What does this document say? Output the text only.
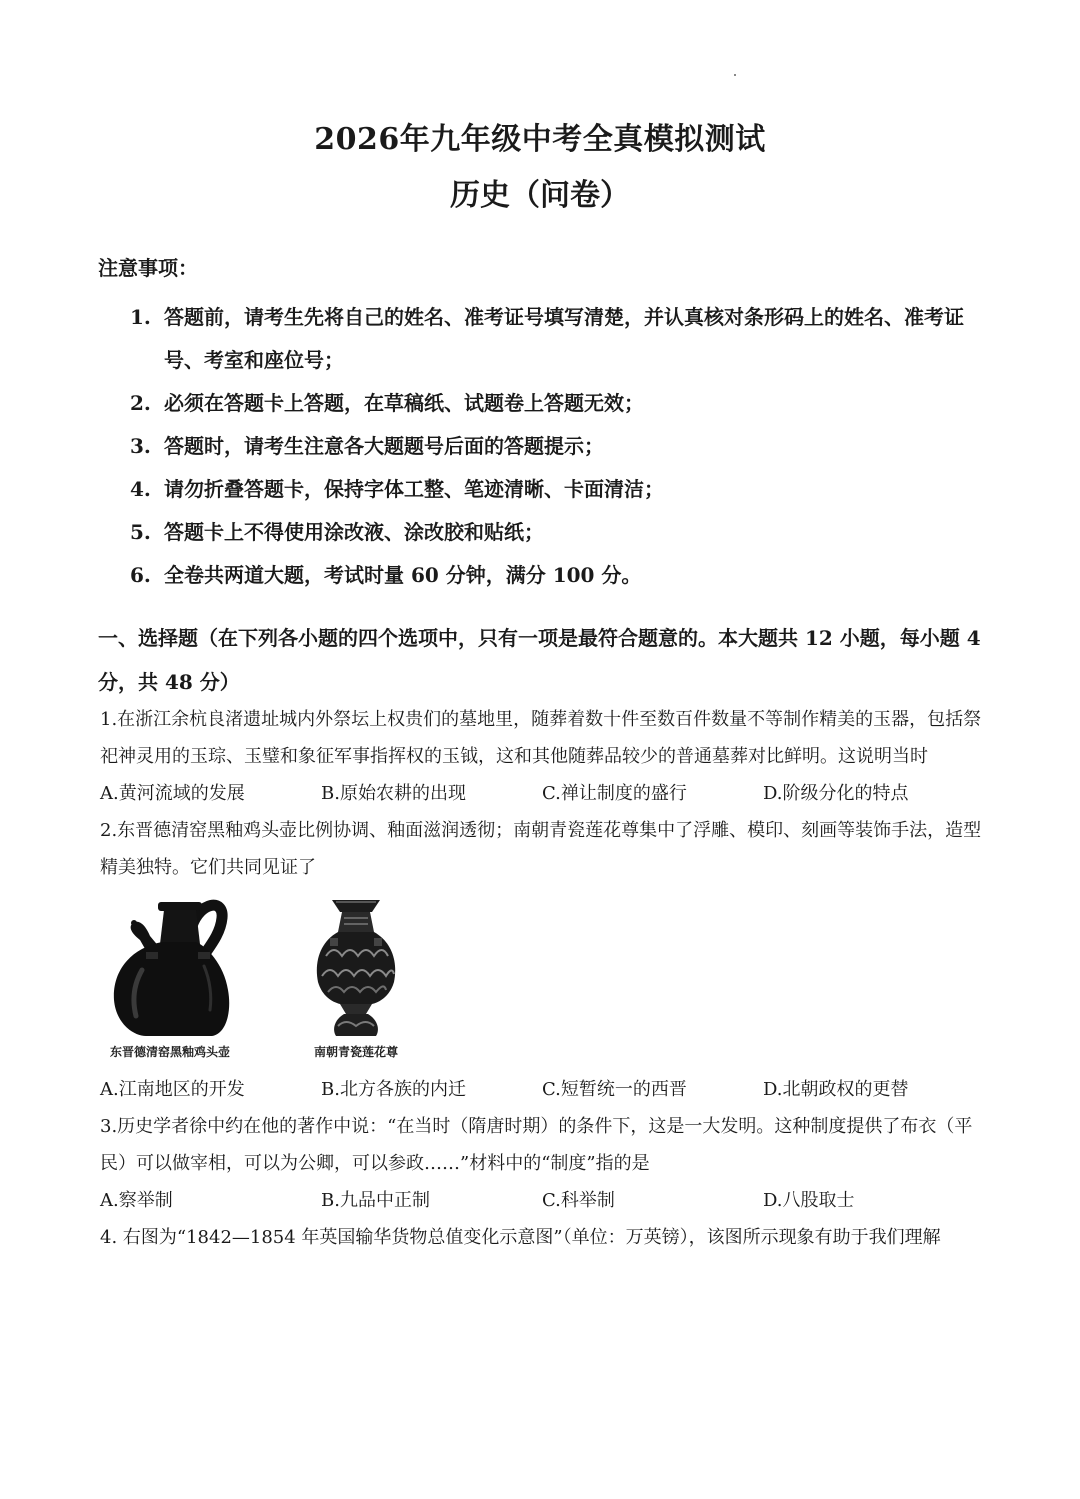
2026年九年级中考全真模拟测试
历史（问卷）
注意事项：
1. 答题前，请考生先将自己的姓名、准考证号填写清楚，并认真核对条形码上的姓名、准考证号、考室和座位号；
2. 必须在答题卡上答题，在草稿纸、试题卷上答题无效；
3. 答题时，请考生注意各大题题号后面的答题提示；
4. 请勿折叠答题卡，保持字体工整、笔迹清晰、卡面清洁；
5. 答题卡上不得使用涂改液、涂改胶和贴纸；
6. 全卷共两道大题，考试时量 60 分钟，满分 100 分。
一、选择题（在下列各小题的四个选项中，只有一项是最符合题意的。本大题共 12 小题，每小题 4 分，共 48 分）

1.在浙江余杭良渚遗址城内外祭坛上权贵们的墓地里，随葬着数十件至数百件数量不等制作精美的玉器，包括祭祀神灵用的玉琮、玉璧和象征军事指挥权的玉钺，这和其他随葬品较少的普通墓葬对比鲜明。这说明当时

A.黄河流域的发展	B.原始农耕的出现	C.禅让制度的盛行	D.阶级分化的特点

2.东晋德清窑黑釉鸡头壶比例协调、釉面滋润透彻；南朝青瓷莲花尊集中了浮雕、模印、刻画等装饰手法，造型精美独特。它们共同见证了

东晋德清窑黑釉鸡头壶	南朝青瓷莲花尊
A.江南地区的开发	B.北方各族的内迁	C.短暂统一的西晋	D.北朝政权的更替

3.历史学者徐中约在他的著作中说：“在当时（隋唐时期）的条件下，这是一大发明。这种制度提供了布衣（平民）可以做宰相，可以为公卿，可以参政……”材料中的“制度”指的是

A.察举制	B.九品中正制	C.科举制	D.八股取士

4. 右图为“1842—1854 年英国输华货物总值变化示意图”（单位：万英镑），该图所示现象有助于我们理解
